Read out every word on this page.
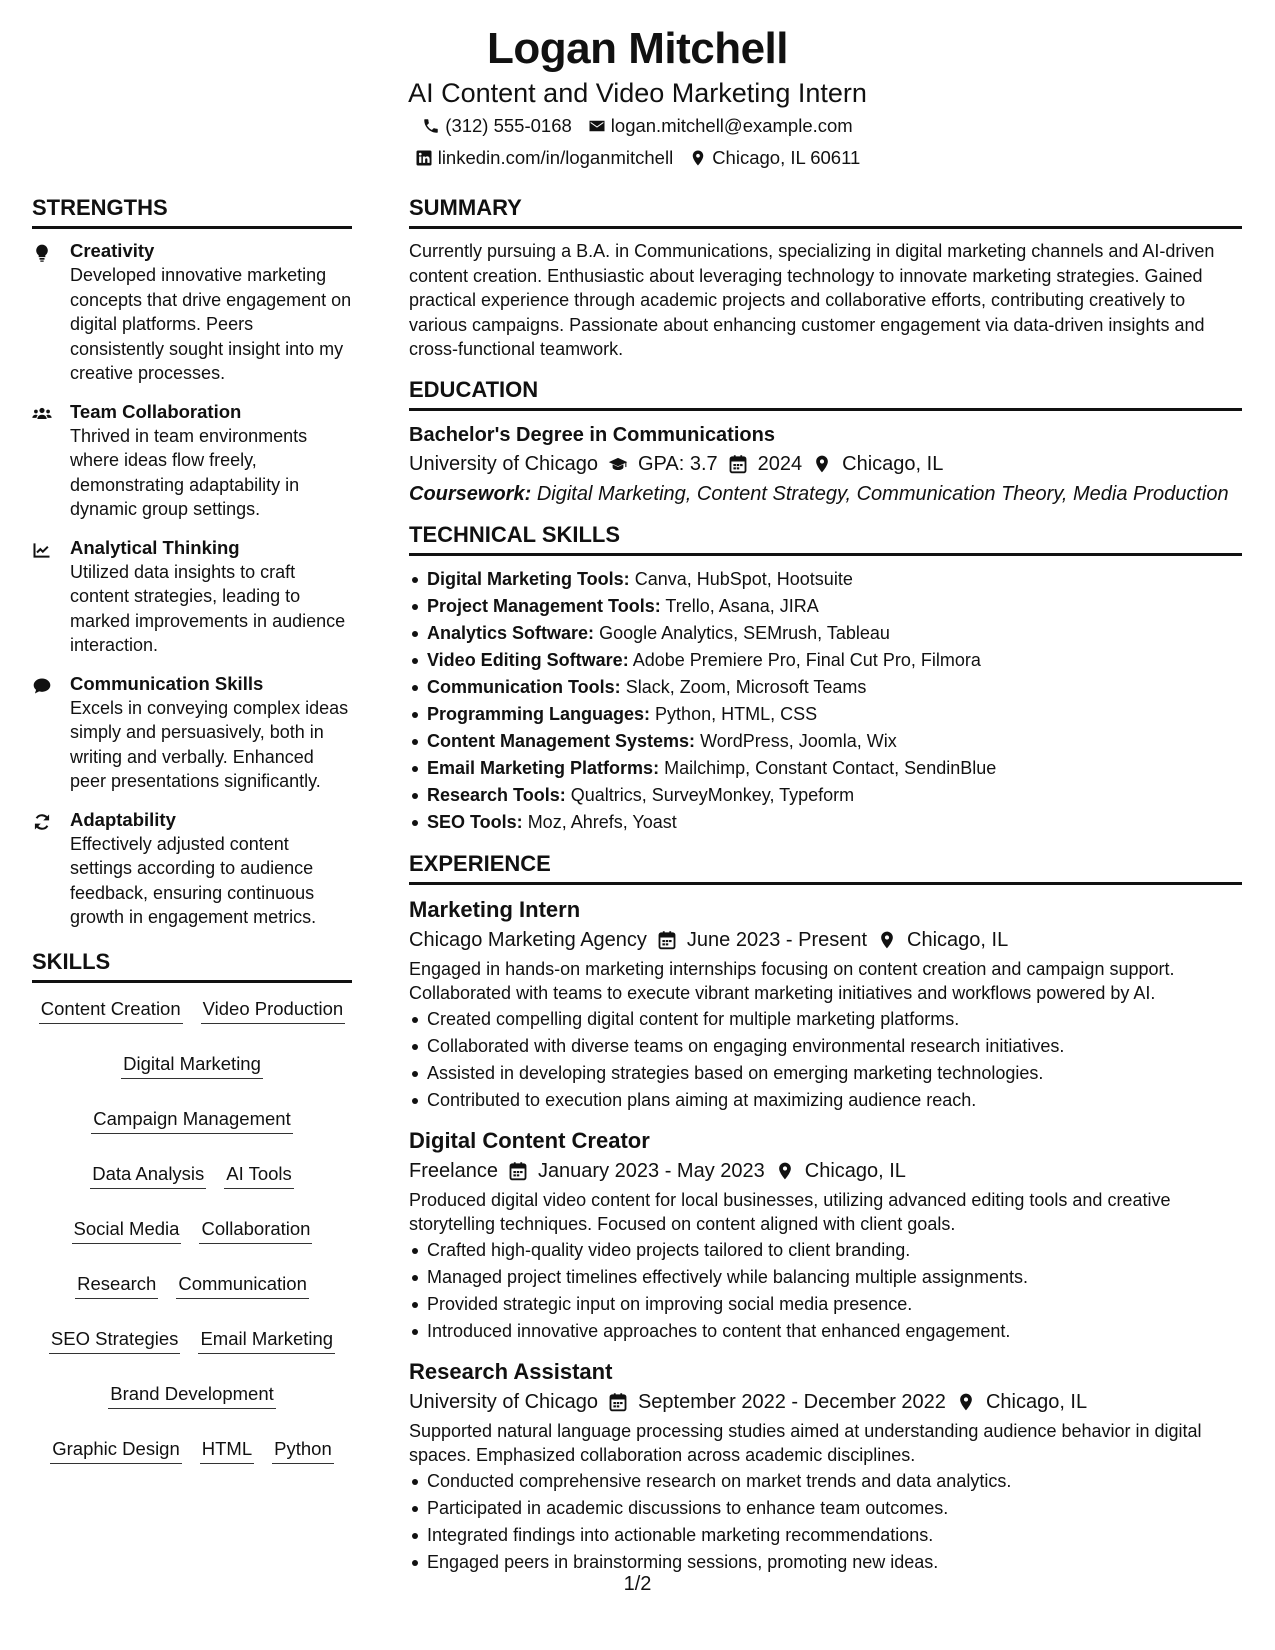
Logan Mitchell
AI Content and Video Marketing Intern
(312) 555-0168 logan.mitchell@example.com
linkedin.com/in/loganmitchell Chicago, IL 60611
STRENGTHS
Creativity
Developed innovative marketing concepts that drive engagement on digital platforms. Peers consistently sought insight into my creative processes.
Team Collaboration
Thrived in team environments where ideas flow freely, demonstrating adaptability in dynamic group settings.
Analytical Thinking
Utilized data insights to craft content strategies, leading to marked improvements in audience interaction.
Communication Skills
Excels in conveying complex ideas simply and persuasively, both in writing and verbally. Enhanced peer presentations significantly.
Adaptability
Effectively adjusted content settings according to audience feedback, ensuring continuous growth in engagement metrics.
SKILLS
Content Creation Video Production
Digital Marketing
Campaign Management
Data Analysis AI Tools
Social Media Collaboration
Research Communication
SEO Strategies Email Marketing
Brand Development
Graphic Design HTML Python
SUMMARY
Currently pursuing a B.A. in Communications, specializing in digital marketing channels and AI-driven content creation. Enthusiastic about leveraging technology to innovate marketing strategies. Gained practical experience through academic projects and collaborative efforts, contributing creatively to various campaigns. Passionate about enhancing customer engagement via data-driven insights and cross-functional teamwork.
EDUCATION
Bachelor's Degree in Communications
University of Chicago GPA: 3.7 2024 Chicago, IL
Coursework: Digital Marketing, Content Strategy, Communication Theory, Media Production
TECHNICAL SKILLS
Digital Marketing Tools: Canva, HubSpot, Hootsuite
Project Management Tools: Trello, Asana, JIRA
Analytics Software: Google Analytics, SEMrush, Tableau
Video Editing Software: Adobe Premiere Pro, Final Cut Pro, Filmora
Communication Tools: Slack, Zoom, Microsoft Teams
Programming Languages: Python, HTML, CSS
Content Management Systems: WordPress, Joomla, Wix
Email Marketing Platforms: Mailchimp, Constant Contact, SendinBlue
Research Tools: Qualtrics, SurveyMonkey, Typeform
SEO Tools: Moz, Ahrefs, Yoast
EXPERIENCE
Marketing Intern
Chicago Marketing Agency June 2023 - Present Chicago, IL
Engaged in hands-on marketing internships focusing on content creation and campaign support. Collaborated with teams to execute vibrant marketing initiatives and workflows powered by AI.
Created compelling digital content for multiple marketing platforms.
Collaborated with diverse teams on engaging environmental research initiatives.
Assisted in developing strategies based on emerging marketing technologies.
Contributed to execution plans aiming at maximizing audience reach.
Digital Content Creator
Freelance January 2023 - May 2023 Chicago, IL
Produced digital video content for local businesses, utilizing advanced editing tools and creative storytelling techniques. Focused on content aligned with client goals.
Crafted high-quality video projects tailored to client branding.
Managed project timelines effectively while balancing multiple assignments.
Provided strategic input on improving social media presence.
Introduced innovative approaches to content that enhanced engagement.
Research Assistant
University of Chicago September 2022 - December 2022 Chicago, IL
Supported natural language processing studies aimed at understanding audience behavior in digital spaces. Emphasized collaboration across academic disciplines.
Conducted comprehensive research on market trends and data analytics.
Participated in academic discussions to enhance team outcomes.
Integrated findings into actionable marketing recommendations.
Engaged peers in brainstorming sessions, promoting new ideas.
1/2
